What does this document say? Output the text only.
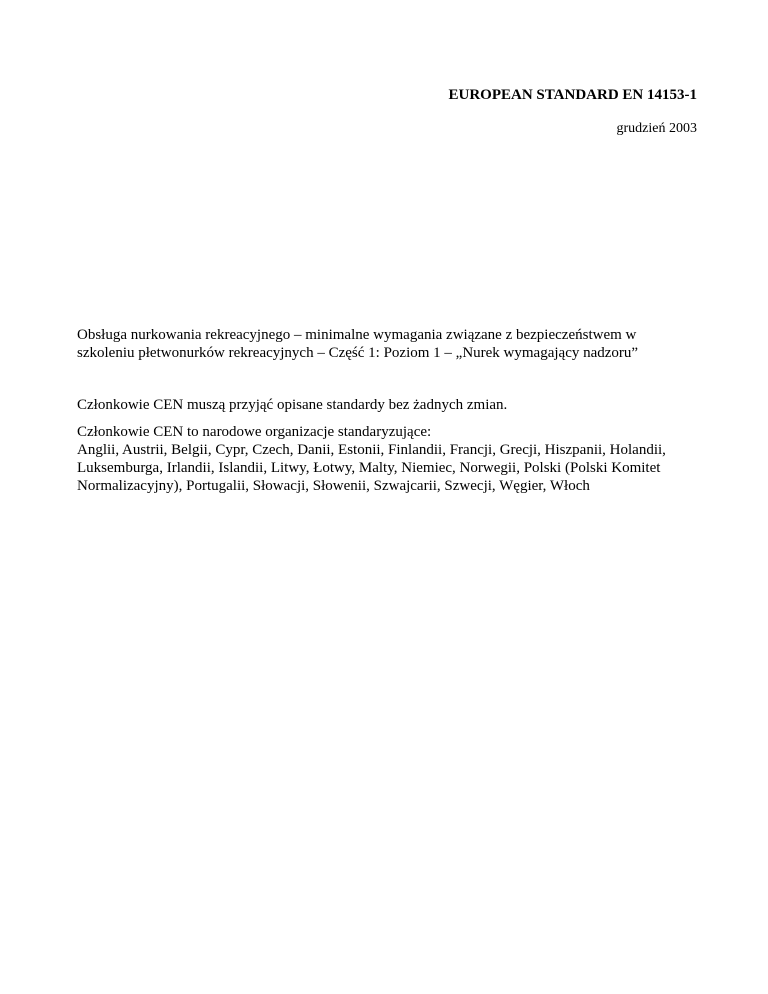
EUROPEAN STANDARD EN 14153-1
grudzień 2003
Obsługa nurkowania rekreacyjnego – minimalne wymagania związane z bezpieczeństwem w
szkoleniu płetwonurków rekreacyjnych – Część 1: Poziom 1 – „Nurek wymagający nadzoru”
Członkowie CEN muszą przyjąć opisane standardy bez żadnych zmian.
Członkowie CEN to narodowe organizacje standaryzujące:
Anglii, Austrii, Belgii, Cypr, Czech, Danii, Estonii, Finlandii, Francji, Grecji, Hiszpanii, Holandii,
Luksemburga, Irlandii, Islandii, Litwy, Łotwy, Malty, Niemiec, Norwegii, Polski (Polski Komitet
Normalizacyjny), Portugalii, Słowacji, Słowenii, Szwajcarii, Szwecji, Węgier, Włoch
